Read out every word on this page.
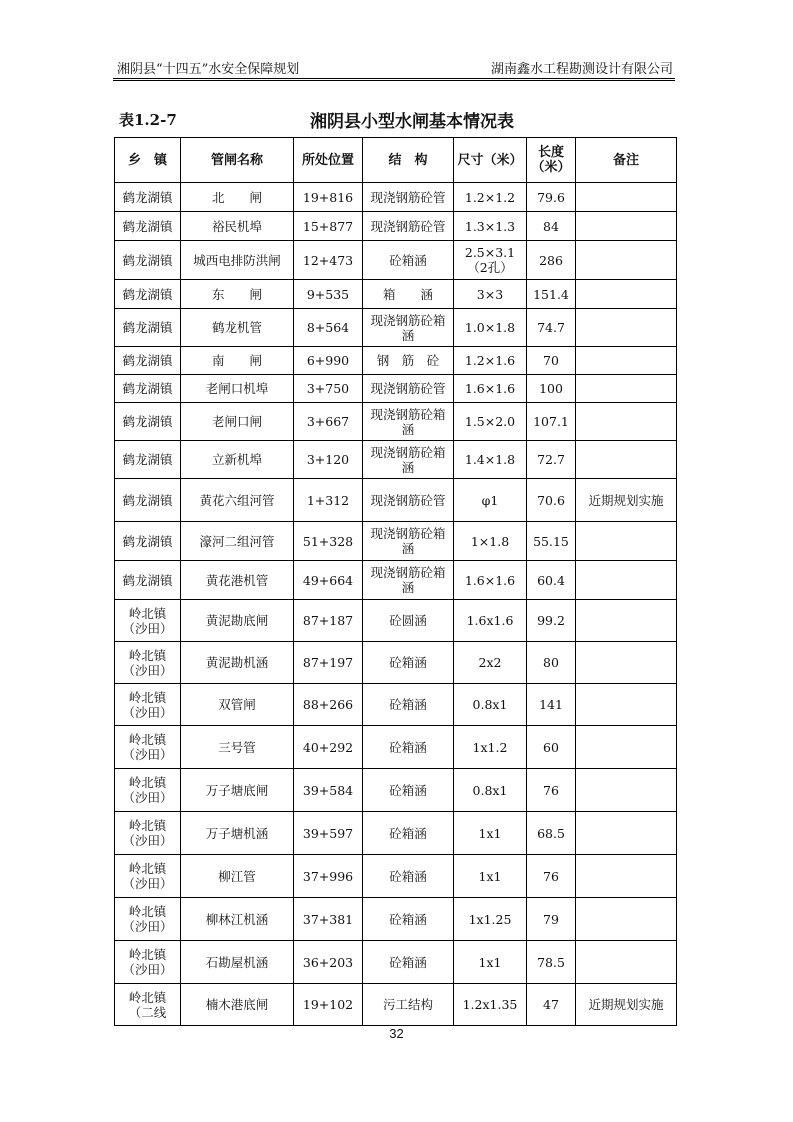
湘阴县“十四五”水安全保障规划	湖南鑫水工程勘测设计有限公司
表1.2-7	湘阴县小型水闸基本情况表
乡　镇	管闸名称	所处位置	结　构	尺寸（米）	长度（米）	备注
鹤龙湖镇	北　　闸	19+816	现浇钢筋砼管	1.2×1.2	79.6	
鹤龙湖镇	裕民机埠	15+877	现浇钢筋砼管	1.3×1.3	84	
鹤龙湖镇	城西电排防洪闸	12+473	砼箱涵	2.5×3.1（2孔）	286	
鹤龙湖镇	东　　闸	9+535	箱　　涵	3×3	151.4	
鹤龙湖镇	鹤龙机管	8+564	现浇钢筋砼箱涵	1.0×1.8	74.7	
鹤龙湖镇	南　　闸	6+990	钢　筋　砼	1.2×1.6	70	
鹤龙湖镇	老闸口机埠	3+750	现浇钢筋砼管	1.6×1.6	100	
鹤龙湖镇	老闸口闸	3+667	现浇钢筋砼箱涵	1.5×2.0	107.1	
鹤龙湖镇	立新机埠	3+120	现浇钢筋砼箱涵	1.4×1.8	72.7	
鹤龙湖镇	黄花六组河管	1+312	现浇钢筋砼管	φ1	70.6	近期规划实施
鹤龙湖镇	濠河二组河管	51+328	现浇钢筋砼箱涵	1×1.8	55.15	
鹤龙湖镇	黄花港机管	49+664	现浇钢筋砼箱涵	1.6×1.6	60.4	
岭北镇（沙田）	黄泥勘底闸	87+187	砼圆涵	1.6x1.6	99.2	
岭北镇（沙田）	黄泥勘机涵	87+197	砼箱涵	2x2	80	
岭北镇（沙田）	双管闸	88+266	砼箱涵	0.8x1	141	
岭北镇（沙田）	三号管	40+292	砼箱涵	1x1.2	60	
岭北镇（沙田）	万子塘底闸	39+584	砼箱涵	0.8x1	76	
岭北镇（沙田）	万子塘机涵	39+597	砼箱涵	1x1	68.5	
岭北镇（沙田）	柳江管	37+996	砼箱涵	1x1	76	
岭北镇（沙田）	柳林江机涵	37+381	砼箱涵	1x1.25	79	
岭北镇（沙田）	石勘屋机涵	36+203	砼箱涵	1x1	78.5	
岭北镇（二线	楠木港底闸	19+102	污工结构	1.2x1.35	47	近期规划实施
32
